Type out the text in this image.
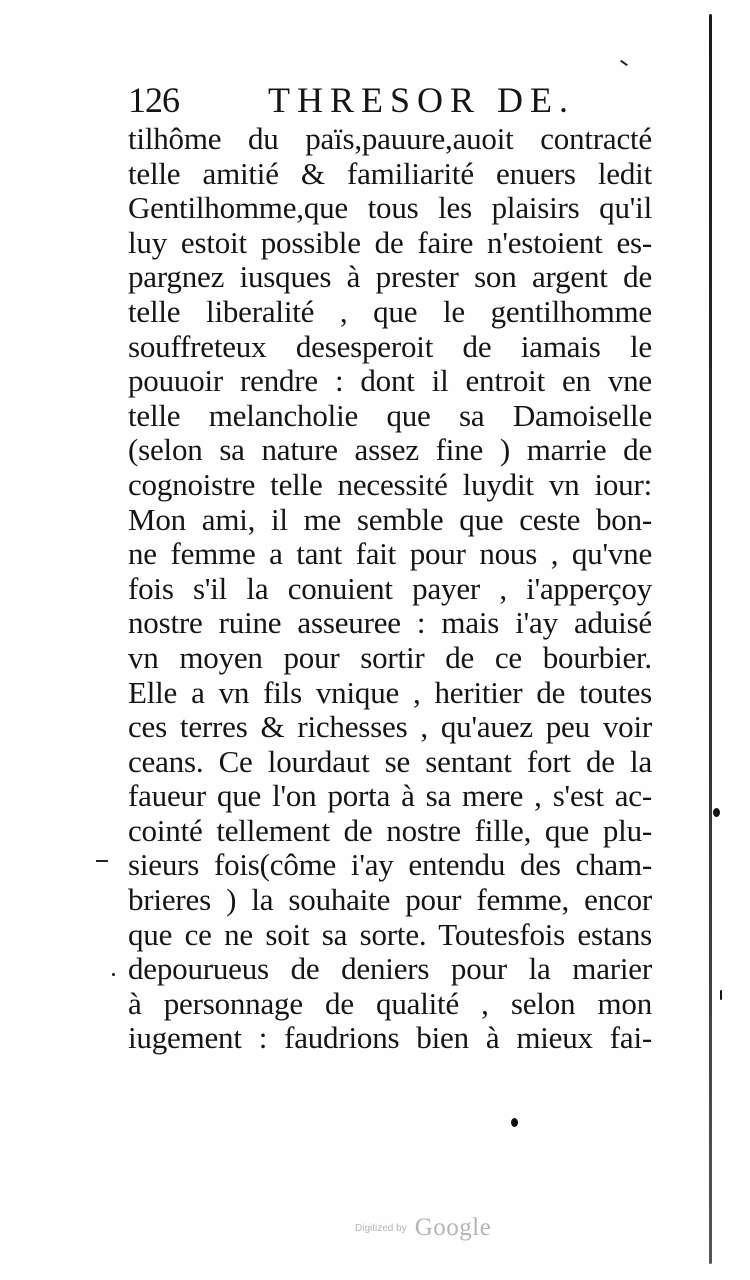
126 THRESOR DE.
tilhôme du païs,pauure,auoit contracté
telle amitié & familiarité enuers ledit
Gentilhomme,que tous les plaisirs qu'il
luy estoit possible de faire n'estoient es-
pargnez iusques à prester son argent de
telle liberalité , que le gentilhomme
souffreteux desesperoit de iamais le
pouuoir rendre : dont il entroit en vne
telle melancholie que sa Damoiselle
(selon sa nature assez fine ) marrie de
cognoistre telle necessité luydit vn iour:
Mon ami, il me semble que ceste bon-
ne femme a tant fait pour nous , qu'vne
fois s'il la conuient payer , i'apperçoy
nostre ruine asseuree : mais i'ay aduisé
vn moyen pour sortir de ce bourbier.
Elle a vn fils vnique , heritier de toutes
ces terres & richesses , qu'auez peu voir
ceans. Ce lourdaut se sentant fort de la
faueur que l'on porta à sa mere , s'est ac-
cointé tellement de nostre fille, que plu-
sieurs fois(côme i'ay entendu des cham-
brieres ) la souhaite pour femme, encor
que ce ne soit sa sorte. Toutesfois estans
depourueus de deniers pour la marier
à personnage de qualité , selon mon
iugement : faudrions bien à mieux fai-
Digitized by Google
